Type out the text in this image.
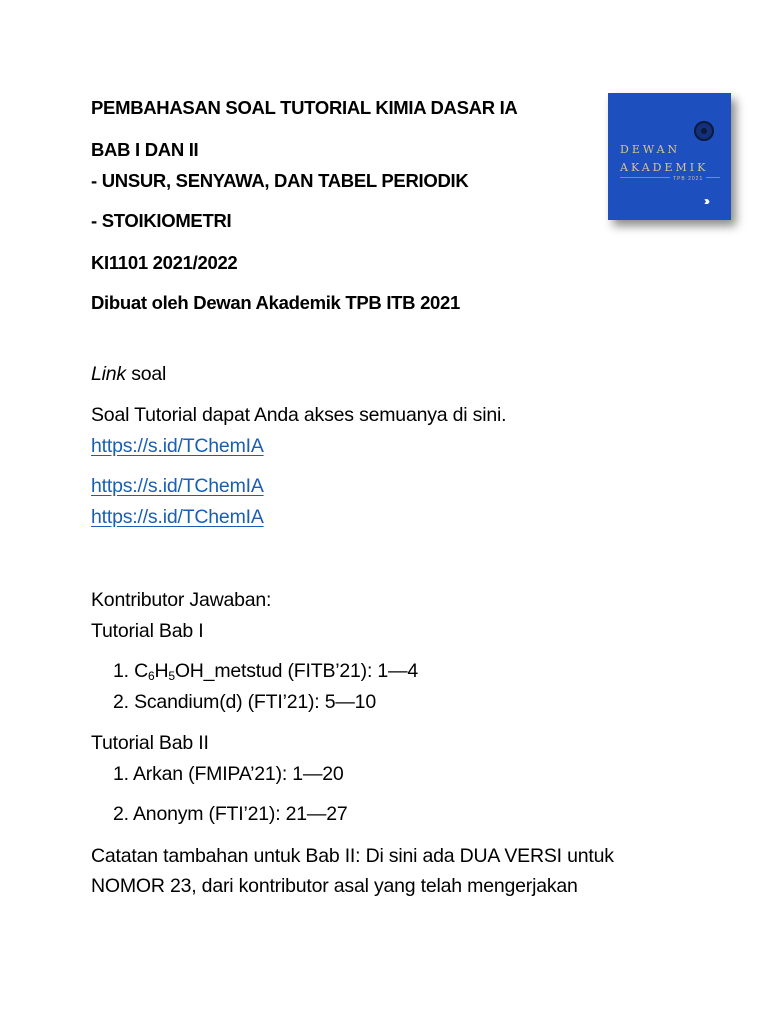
PEMBAHASAN SOAL TUTORIAL KIMIA DASAR IA
BAB I DAN II
- UNSUR, SENYAWA, DAN TABEL PERIODIK
- STOIKIOMETRI
KI1101 2021/2022
Dibuat oleh Dewan Akademik TPB ITB 2021
DEWAN
AKADEMIK
TPB 2021
›››
Link soal
Soal Tutorial dapat Anda akses semuanya di sini.
https://s.id/TChemIA
https://s.id/TChemIA
https://s.id/TChemIA
Kontributor Jawaban:
Tutorial Bab I
1. $C_6H_5OH\_metstud$ (FITB’21): 1—4
2. Scandium(d) (FTI’21): 5—10
Tutorial Bab II
1. Arkan (FMIPA’21): 1—20
2. Anonym (FTI’21): 21—27
Catatan tambahan untuk Bab II: Di sini ada DUA VERSI untuk
NOMOR 23, dari kontributor asal yang telah mengerjakan
